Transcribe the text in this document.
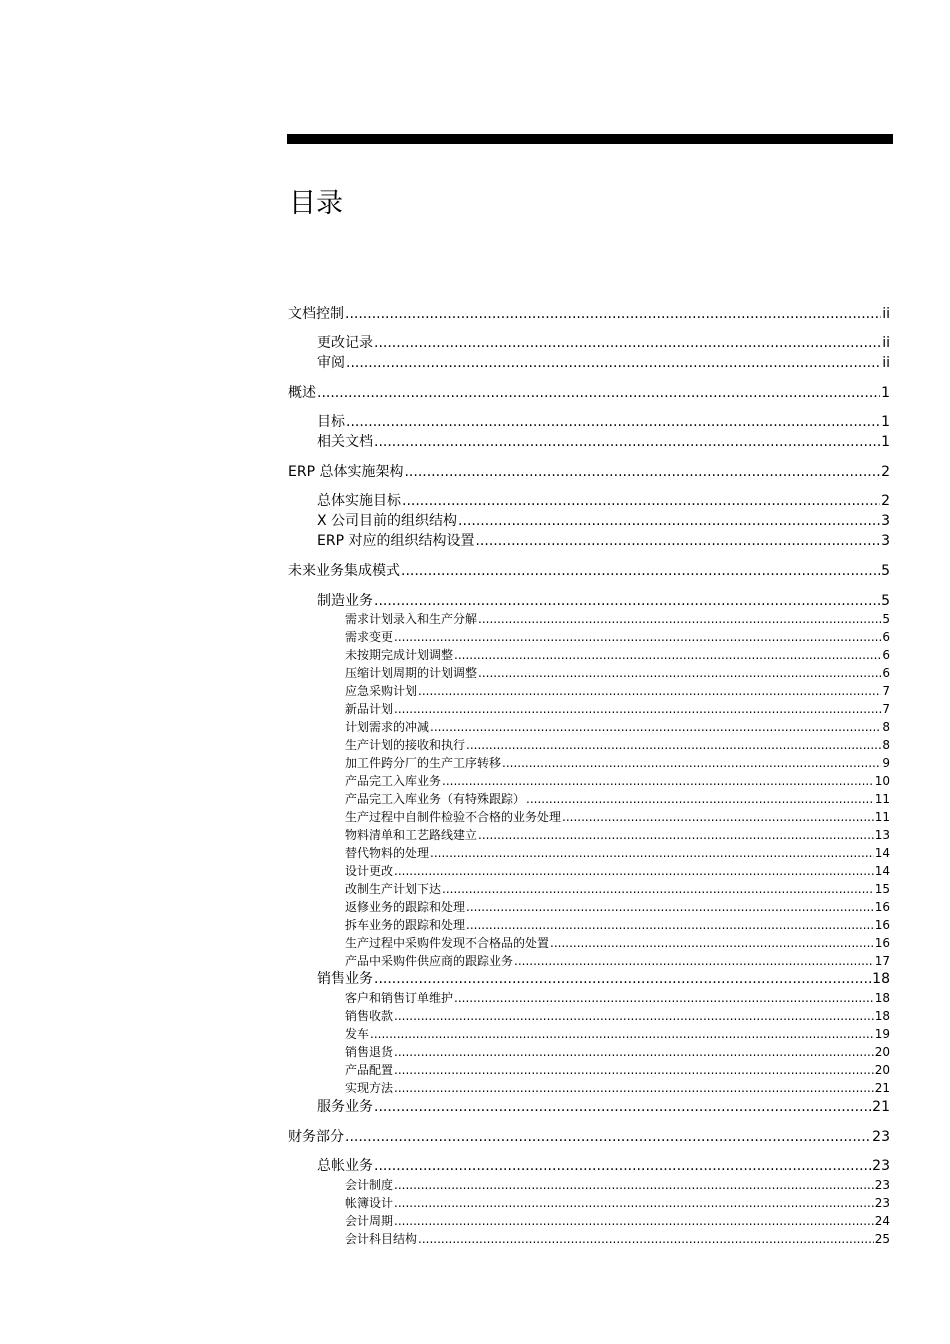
目录
文档控制 .....	ii
更改记录 .....	ii
审阅 .....	ii
概述 .....	1
目标 .....	1
相关文档 .....	1
ERP 总体实施架构 .....	2
总体实施目标 .....	2
X 公司目前的组织结构 .....	3
ERP 对应的组织结构设置 .....	3
未来业务集成模式 .....	5
制造业务 .....	5
需求计划录入和生产分解 .....	5
需求变更 .....	6
未按期完成计划调整 .....	6
压缩计划周期的计划调整 .....	6
应急采购计划 .....	7
新品计划 .....	7
计划需求的冲减 .....	8
生产计划的接收和执行 .....	8
加工件跨分厂的生产工序转移 .....	9
产品完工入库业务 .....	10
产品完工入库业务（有特殊跟踪） .....	11
生产过程中自制件检验不合格的业务处理 .....	11
物料清单和工艺路线建立 .....	13
替代物料的处理 .....	14
设计更改 .....	14
改制生产计划下达 .....	15
返修业务的跟踪和处理 .....	16
拆车业务的跟踪和处理 .....	16
生产过程中采购件发现不合格品的处置 .....	16
产品中采购件供应商的跟踪业务 .....	17
销售业务 .....	18
客户和销售订单维护 .....	18
销售收款 .....	18
发车 .....	19
销售退货 .....	20
产品配置 .....	20
实现方法 .....	21
服务业务 .....	21
财务部分 .....	23
总帐业务 .....	23
会计制度 .....	23
帐簿设计 .....	23
会计周期 .....	24
会计科目结构 .....	25
